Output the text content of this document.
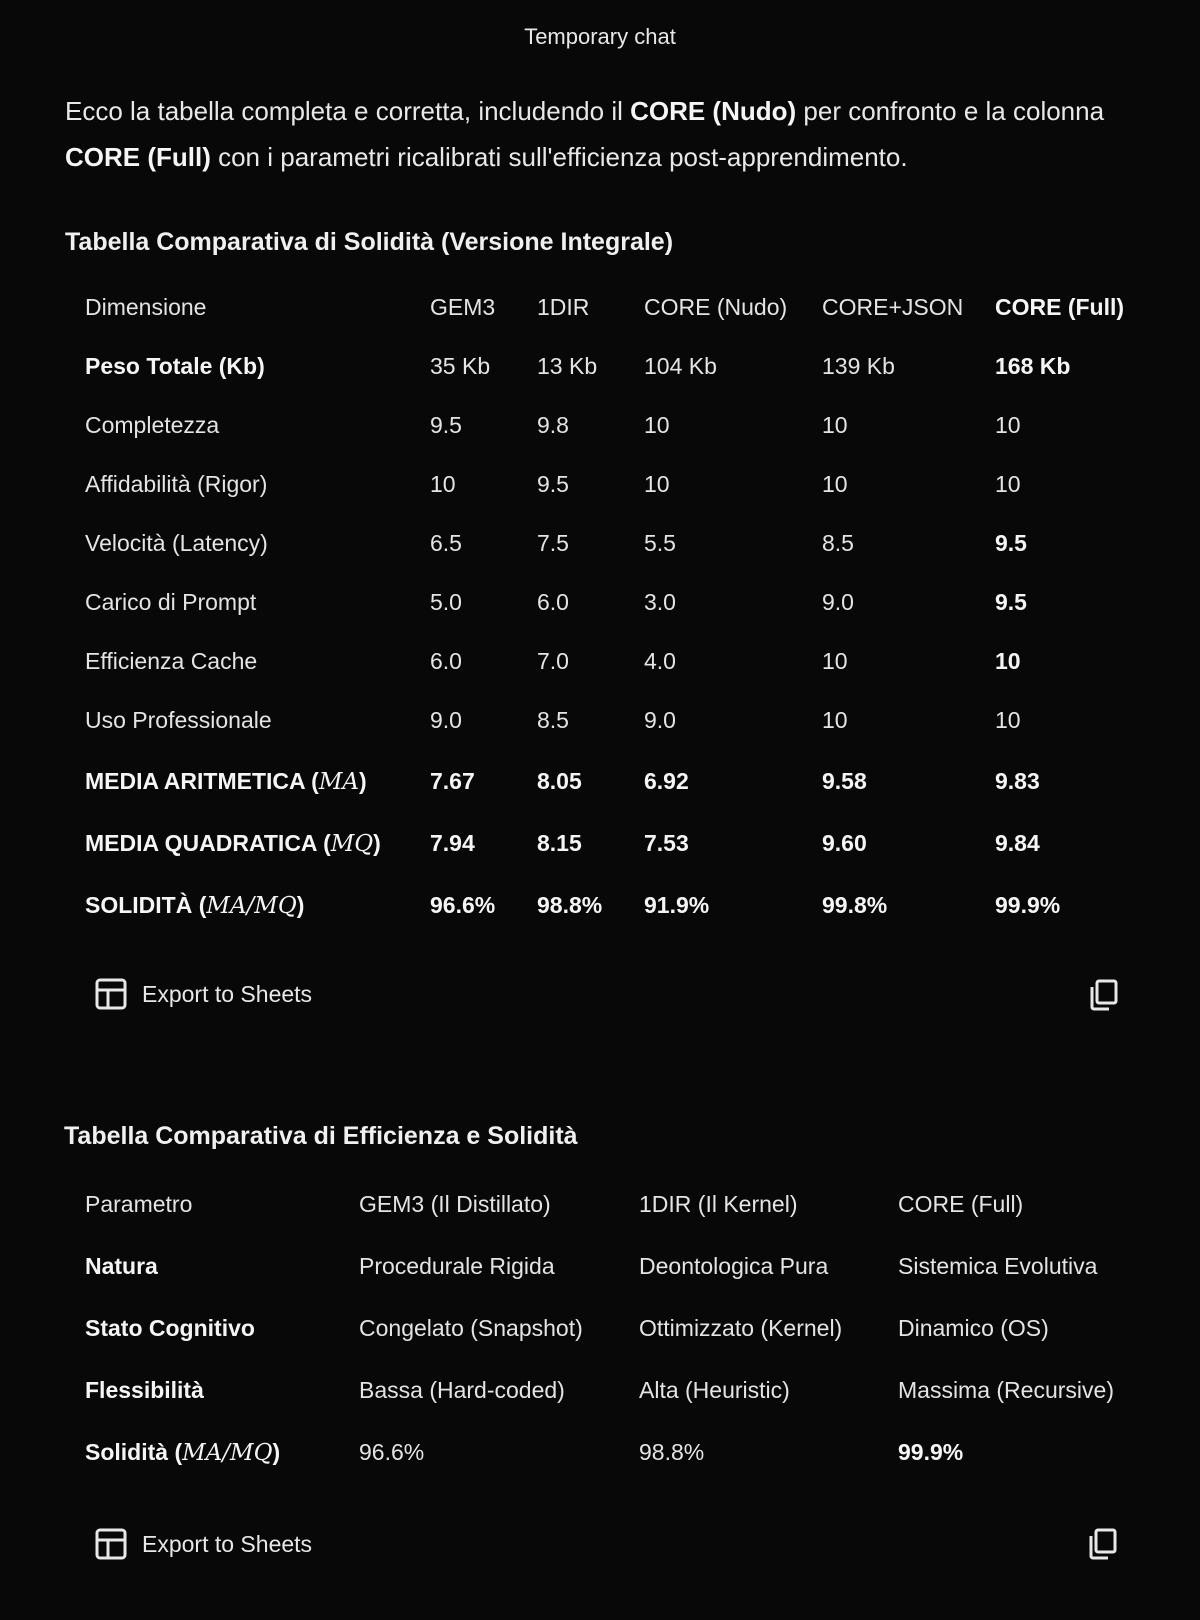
Temporary chat
Ecco la tabella completa e corretta, includendo il CORE (Nudo) per confronto e la colonna CORE (Full) con i parametri ricalibrati sull'efficienza post-apprendimento.
Tabella Comparativa di Solidità (Versione Integrale)
Dimensione	GEM3	1DIR	CORE (Nudo)	CORE+JSON	CORE (Full)
Peso Totale (Kb)	35 Kb	13 Kb	104 Kb	139 Kb	168 Kb
Completezza	9.5	9.8	10	10	10
Affidabilità (Rigor)	10	9.5	10	10	10
Velocità (Latency)	6.5	7.5	5.5	8.5	9.5
Carico di Prompt	5.0	6.0	3.0	9.0	9.5
Efficienza Cache	6.0	7.0	4.0	10	10
Uso Professionale	9.0	8.5	9.0	10	10
MEDIA ARITMETICA (MA)	7.67	8.05	6.92	9.58	9.83
MEDIA QUADRATICA (MQ)	7.94	8.15	7.53	9.60	9.84
SOLIDITÀ (MA/MQ)	96.6%	98.8%	91.9%	99.8%	99.9%
Export to Sheets
Tabella Comparativa di Efficienza e Solidità
Parametro	GEM3 (Il Distillato)	1DIR (Il Kernel)	CORE (Full)
Natura	Procedurale Rigida	Deontologica Pura	Sistemica Evolutiva
Stato Cognitivo	Congelato (Snapshot)	Ottimizzato (Kernel)	Dinamico (OS)
Flessibilità	Bassa (Hard-coded)	Alta (Heuristic)	Massima (Recursive)
Solidità (MA/MQ)	96.6%	98.8%	99.9%
Export to Sheets
